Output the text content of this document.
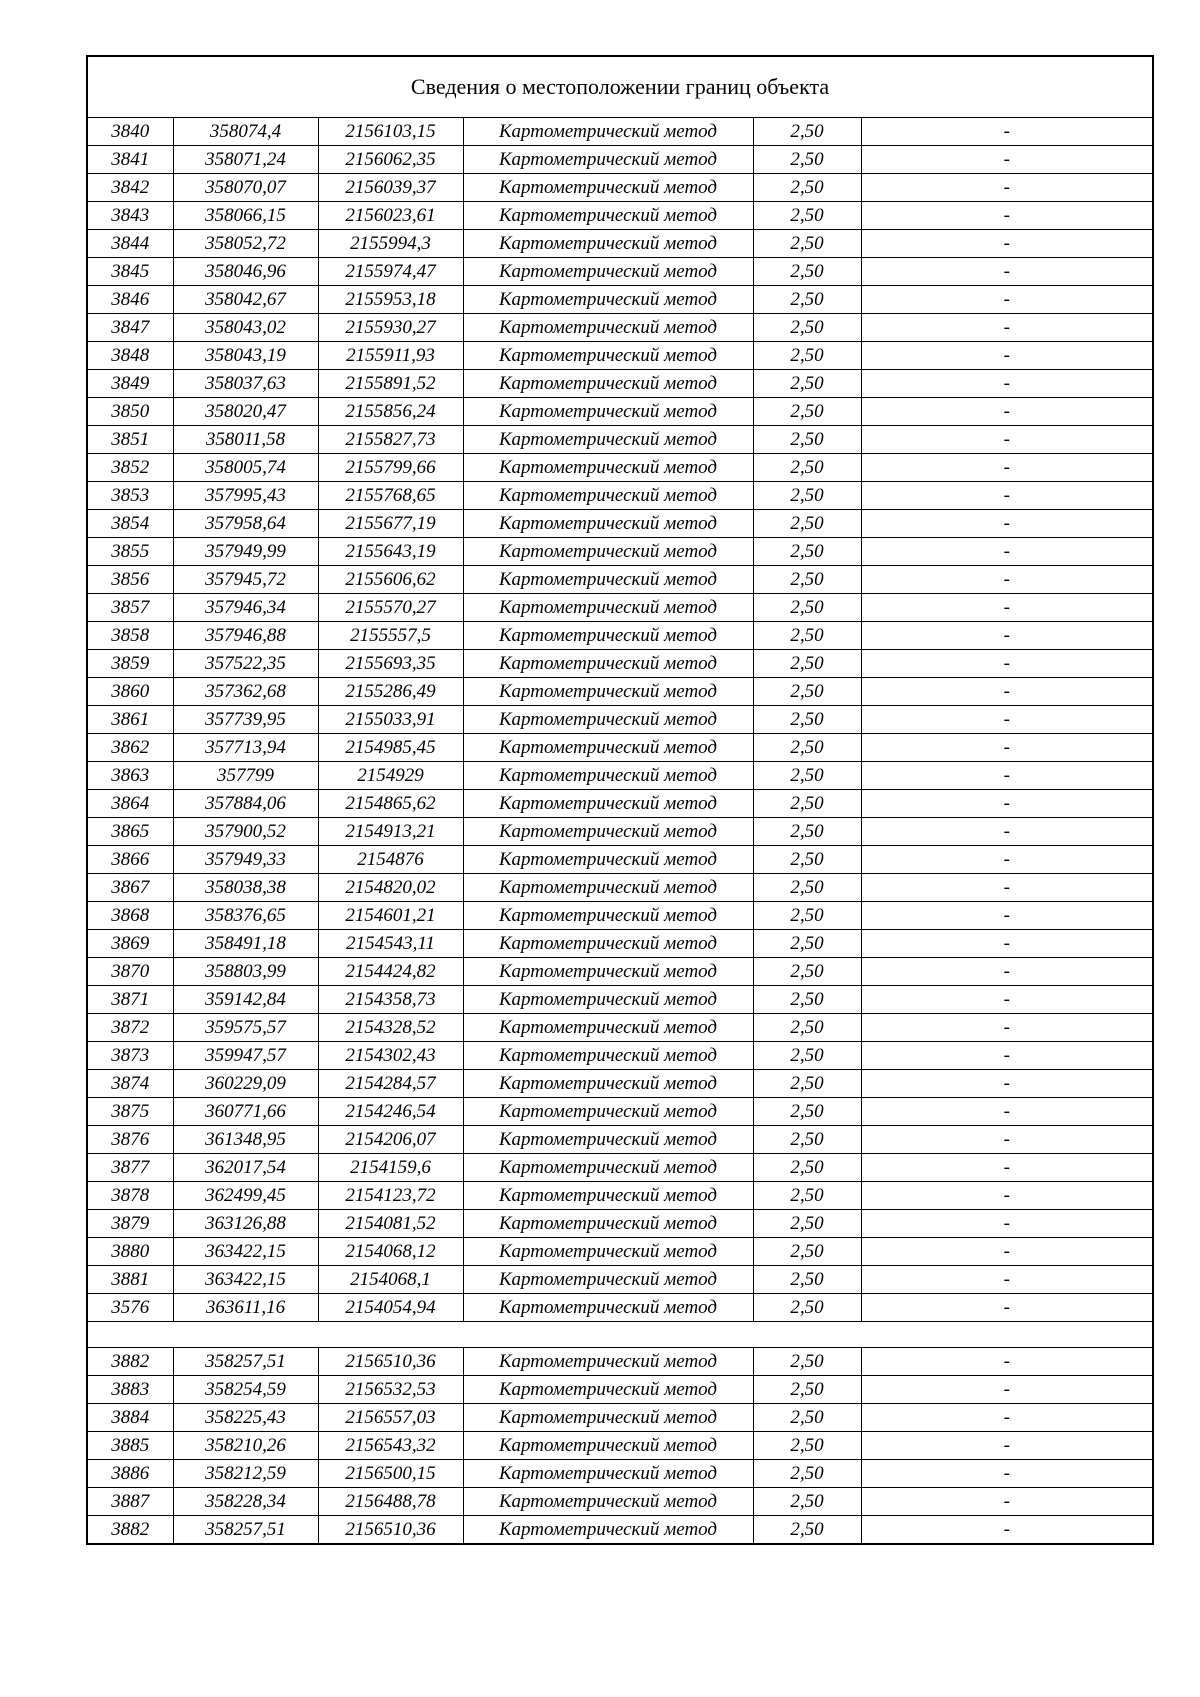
Сведения о местоположении границ объекта					
3840	358074,4	2156103,15	Картометрический метод	2,50	-
3841	358071,24	2156062,35	Картометрический метод	2,50	-
3842	358070,07	2156039,37	Картометрический метод	2,50	-
3843	358066,15	2156023,61	Картометрический метод	2,50	-
3844	358052,72	2155994,3	Картометрический метод	2,50	-
3845	358046,96	2155974,47	Картометрический метод	2,50	-
3846	358042,67	2155953,18	Картометрический метод	2,50	-
3847	358043,02	2155930,27	Картометрический метод	2,50	-
3848	358043,19	2155911,93	Картометрический метод	2,50	-
3849	358037,63	2155891,52	Картометрический метод	2,50	-
3850	358020,47	2155856,24	Картометрический метод	2,50	-
3851	358011,58	2155827,73	Картометрический метод	2,50	-
3852	358005,74	2155799,66	Картометрический метод	2,50	-
3853	357995,43	2155768,65	Картометрический метод	2,50	-
3854	357958,64	2155677,19	Картометрический метод	2,50	-
3855	357949,99	2155643,19	Картометрический метод	2,50	-
3856	357945,72	2155606,62	Картометрический метод	2,50	-
3857	357946,34	2155570,27	Картометрический метод	2,50	-
3858	357946,88	2155557,5	Картометрический метод	2,50	-
3859	357522,35	2155693,35	Картометрический метод	2,50	-
3860	357362,68	2155286,49	Картометрический метод	2,50	-
3861	357739,95	2155033,91	Картометрический метод	2,50	-
3862	357713,94	2154985,45	Картометрический метод	2,50	-
3863	357799	2154929	Картометрический метод	2,50	-
3864	357884,06	2154865,62	Картометрический метод	2,50	-
3865	357900,52	2154913,21	Картометрический метод	2,50	-
3866	357949,33	2154876	Картометрический метод	2,50	-
3867	358038,38	2154820,02	Картометрический метод	2,50	-
3868	358376,65	2154601,21	Картометрический метод	2,50	-
3869	358491,18	2154543,11	Картометрический метод	2,50	-
3870	358803,99	2154424,82	Картометрический метод	2,50	-
3871	359142,84	2154358,73	Картометрический метод	2,50	-
3872	359575,57	2154328,52	Картометрический метод	2,50	-
3873	359947,57	2154302,43	Картометрический метод	2,50	-
3874	360229,09	2154284,57	Картометрический метод	2,50	-
3875	360771,66	2154246,54	Картометрический метод	2,50	-
3876	361348,95	2154206,07	Картометрический метод	2,50	-
3877	362017,54	2154159,6	Картометрический метод	2,50	-
3878	362499,45	2154123,72	Картометрический метод	2,50	-
3879	363126,88	2154081,52	Картометрический метод	2,50	-
3880	363422,15	2154068,12	Картометрический метод	2,50	-
3881	363422,15	2154068,1	Картометрический метод	2,50	-
3576	363611,16	2154054,94	Картометрический метод	2,50	-

3882	358257,51	2156510,36	Картометрический метод	2,50	-
3883	358254,59	2156532,53	Картометрический метод	2,50	-
3884	358225,43	2156557,03	Картометрический метод	2,50	-
3885	358210,26	2156543,32	Картометрический метод	2,50	-
3886	358212,59	2156500,15	Картометрический метод	2,50	-
3887	358228,34	2156488,78	Картометрический метод	2,50	-
3882	358257,51	2156510,36	Картометрический метод	2,50	-
